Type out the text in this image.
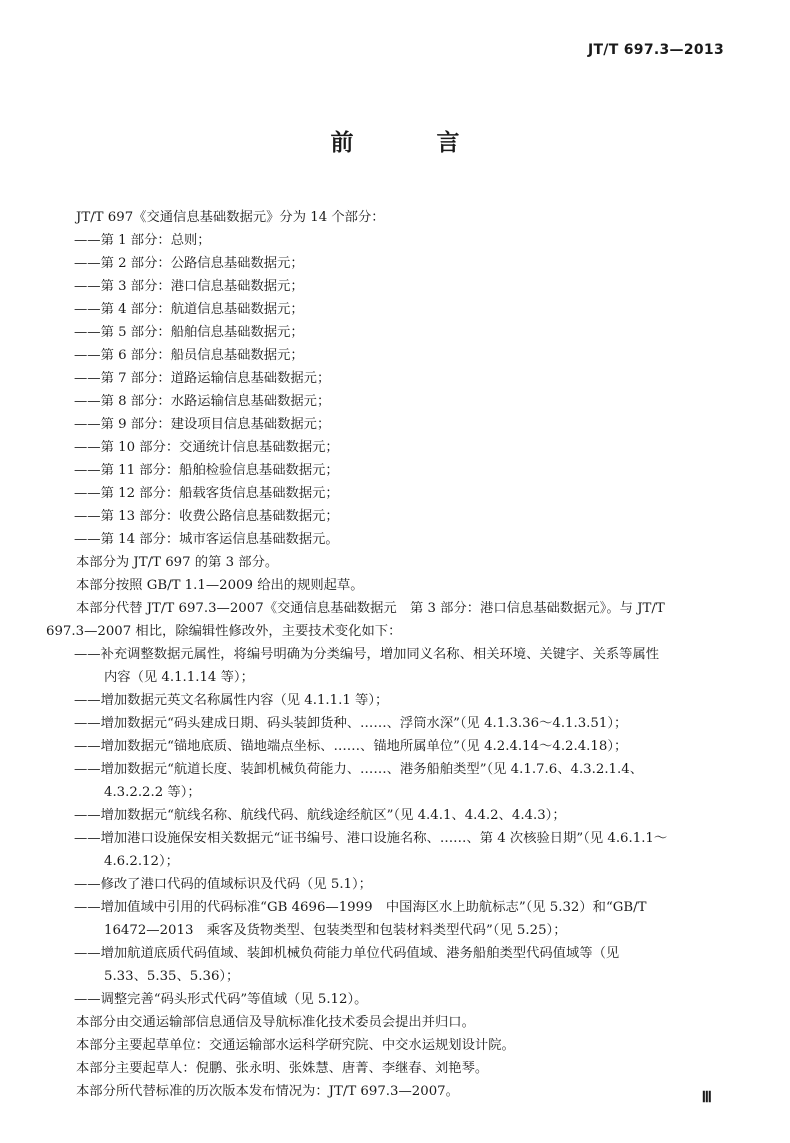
JT/T 697.3—2013
前　言
JT/T 697《交通信息基础数据元》分为 14 个部分：
——第 1 部分：总则；
——第 2 部分：公路信息基础数据元；
——第 3 部分：港口信息基础数据元；
——第 4 部分：航道信息基础数据元；
——第 5 部分：船舶信息基础数据元；
——第 6 部分：船员信息基础数据元；
——第 7 部分：道路运输信息基础数据元；
——第 8 部分：水路运输信息基础数据元；
——第 9 部分：建设项目信息基础数据元；
——第 10 部分：交通统计信息基础数据元；
——第 11 部分：船舶检验信息基础数据元；
——第 12 部分：船载客货信息基础数据元；
——第 13 部分：收费公路信息基础数据元；
——第 14 部分：城市客运信息基础数据元。
本部分为 JT/T 697 的第 3 部分。
本部分按照 GB/T 1.1—2009 给出的规则起草。
本部分代替 JT/T 697.3—2007《交通信息基础数据元　第 3 部分：港口信息基础数据元》。与 JT/T
697.3—2007 相比，除编辑性修改外，主要技术变化如下：
——补充调整数据元属性，将编号明确为分类编号，增加同义名称、相关环境、关键字、关系等属性
内容（见 4.1.1.14 等）；
——增加数据元英文名称属性内容（见 4.1.1.1 等）；
——增加数据元“码头建成日期、码头装卸货种、……、浮筒水深”（见 4.1.3.36～4.1.3.51）；
——增加数据元“锚地底质、锚地端点坐标、……、锚地所属单位”（见 4.2.4.14～4.2.4.18）；
——增加数据元“航道长度、装卸机械负荷能力、……、港务船舶类型”（见 4.1.7.6、4.3.2.1.4、
4.3.2.2.2 等）；
——增加数据元“航线名称、航线代码、航线途经航区”（见 4.4.1、4.4.2、4.4.3）；
——增加港口设施保安相关数据元“证书编号、港口设施名称、……、第 4 次核验日期”（见 4.6.1.1～
4.6.2.12）；
——修改了港口代码的值域标识及代码（见 5.1）；
——增加值域中引用的代码标准“GB 4696—1999　中国海区水上助航标志”（见 5.32）和“GB/T
16472—2013　乘客及货物类型、包装类型和包装材料类型代码”（见 5.25）；
——增加航道底质代码值域、装卸机械负荷能力单位代码值域、港务船舶类型代码值域等（见
5.33、5.35、5.36）；
——调整完善“码头形式代码”等值域（见 5.12）。
本部分由交通运输部信息通信及导航标准化技术委员会提出并归口。
本部分主要起草单位：交通运输部水运科学研究院、中交水运规划设计院。
本部分主要起草人：倪鹏、张永明、张姝慧、唐菁、李继春、刘艳琴。
本部分所代替标准的历次版本发布情况为：JT/T 697.3—2007。	Ⅲ
